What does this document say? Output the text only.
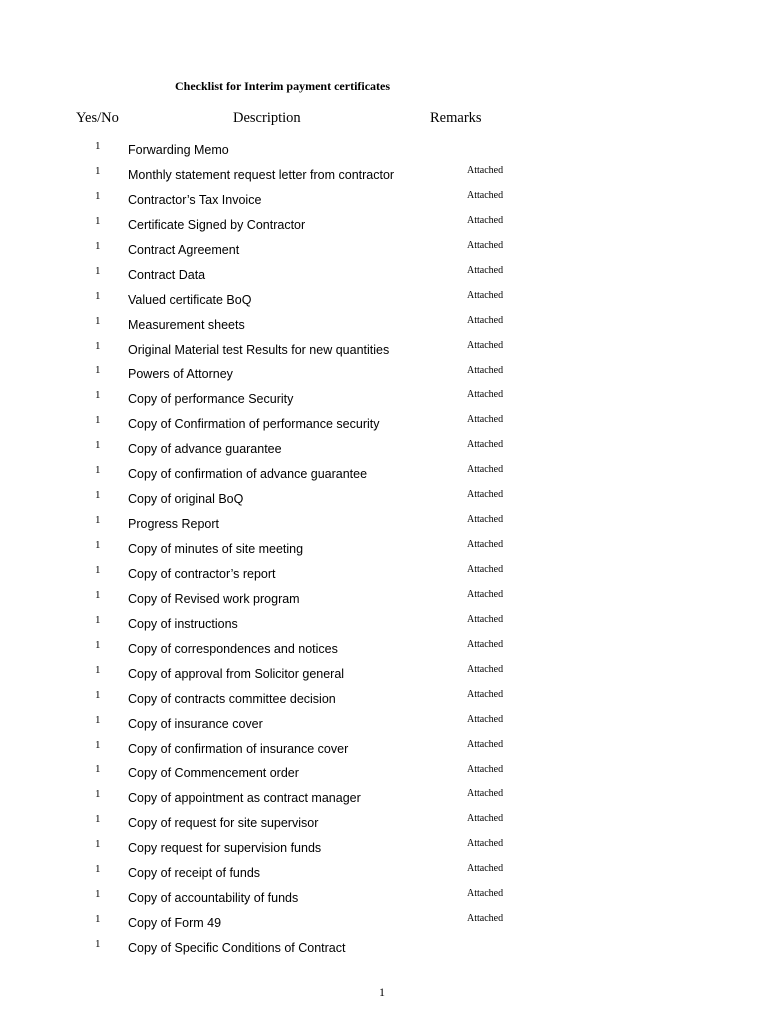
Checklist for Interim payment certificates
Yes/No	Description	Remarks
1 Forwarding Memo
Attached
1 Monthly statement request letter from contractor
Attached
1 Contractor’s Tax Invoice
Attached
1 Certificate Signed by Contractor
Attached
1 Contract Agreement
Attached
1 Contract Data
Attached
1 Valued certificate BoQ
Attached
1 Measurement sheets
Attached
1 Original Material test Results for new quantities
Attached
1 Powers of Attorney
Attached
1 Copy of performance Security
Attached
1 Copy of Confirmation of performance security
Attached
1 Copy of advance guarantee
Attached
1 Copy of confirmation of advance guarantee
Attached
1 Copy of original BoQ
Attached
1 Progress Report
Attached
1 Copy of minutes of site meeting
Attached
1 Copy of contractor’s report
Attached
1 Copy of Revised work program
Attached
1 Copy of instructions
Attached
1 Copy of correspondences and notices
Attached
1 Copy of approval from Solicitor general
Attached
1 Copy of contracts committee decision
Attached
1 Copy of insurance cover
Attached
1 Copy of confirmation of insurance cover
Attached
1 Copy of Commencement order
Attached
1 Copy of appointment as contract manager
Attached
1 Copy of request for site supervisor
Attached
1 Copy request for supervision funds
Attached
1 Copy of receipt of funds
Attached
1 Copy of accountability of funds
Attached
1 Copy of Form 49
1 Copy of Specific Conditions of Contract
1
